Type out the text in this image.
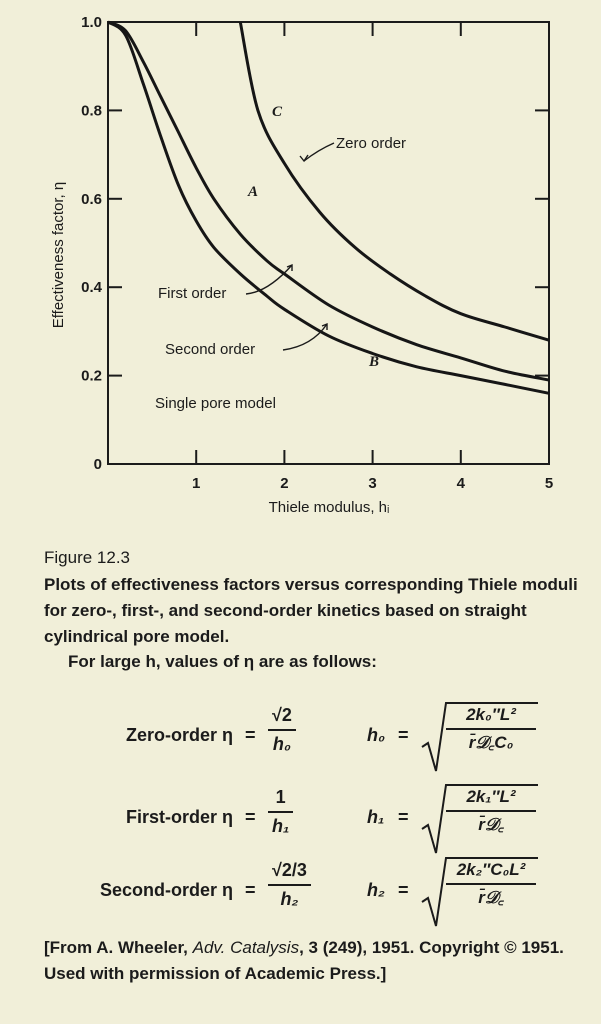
1	2	3	4	5
0
0.2
0.4
0.6
0.8
1.0
Thiele modulus, hᵢ
Effectiveness factor, η
Zero order
First order
Second order
Single pore model
C
A
B
Figure 12.3
Plots of effectiveness factors versus corresponding Thiele moduli for zero-, first-, and second-order kinetics based on straight cylindrical pore model.
For large h, values of η are as follows:
Zero-order η =
√2
h₀	h₀ =
2k₀′′L²
r̄𝒟꜀C₀
First-order η =
1
h₁	h₁ =
2k₁′′L²
r̄𝒟꜀
Second-order η =
√2/3
h₂	h₂ =
2k₂′′C₀L²
r̄𝒟꜀
[From A. Wheeler, Adv. Catalysis, 3 (249), 1951. Copyright © 1951. Used with permission of Academic Press.]
